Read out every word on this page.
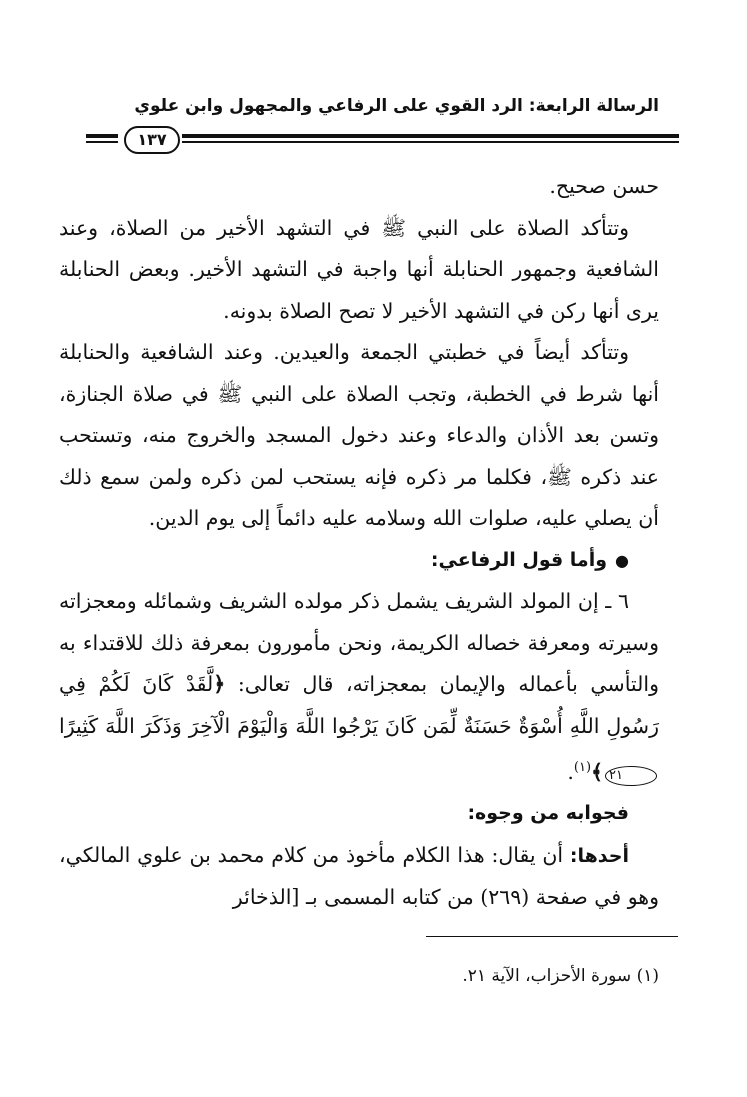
الرسالة الرابعة: الرد القوي على الرفاعي والمجهول وابن علوي
١٣٧

حسن صحيح.

وتتأكد الصلاة على النبي ﷺ في التشهد الأخير من الصلاة، وعند الشافعية وجمهور الحنابلة أنها واجبة في التشهد الأخير. وبعض الحنابلة يرى أنها ركن في التشهد الأخير لا تصح الصلاة بدونه.

وتتأكد أيضاً في خطبتي الجمعة والعيدين. وعند الشافعية والحنابلة أنها شرط في الخطبة، وتجب الصلاة على النبي ﷺ في صلاة الجنازة، وتسن بعد الأذان والدعاء وعند دخول المسجد والخروج منه، وتستحب عند ذكره ﷺ، فكلما مر ذكره فإنه يستحب لمن ذكره ولمن سمع ذلك أن يصلي عليه، صلوات الله وسلامه عليه دائماً إلى يوم الدين.

●وأما قول الرفاعي:

٦ ـ إن المولد الشريف يشمل ذكر مولده الشريف وشمائله ومعجزاته وسيرته ومعرفة خصاله الكريمة، ونحن مأمورون بمعرفة ذلك للاقتداء به والتأسي بأعماله والإيمان بمعجزاته، قال تعالى: ﴿لَّقَدْ كَانَ لَكُمْ فِي رَسُولِ اللَّهِ أُسْوَةٌ حَسَنَةٌ لِّمَن كَانَ يَرْجُوا اللَّهَ وَالْيَوْمَ الْآخِرَ وَذَكَرَ اللَّهَ كَثِيرًا٢١﴾$^{(١)}$.

فجوابه من وجوه:

أحدها: أن يقال: هذا الكلام مأخوذ من كلام محمد بن علوي المالكي، وهو في صفحة (٢٦٩) من كتابه المسمى بـ [الذخائر

(١) سورة الأحزاب، الآية ٢١.
